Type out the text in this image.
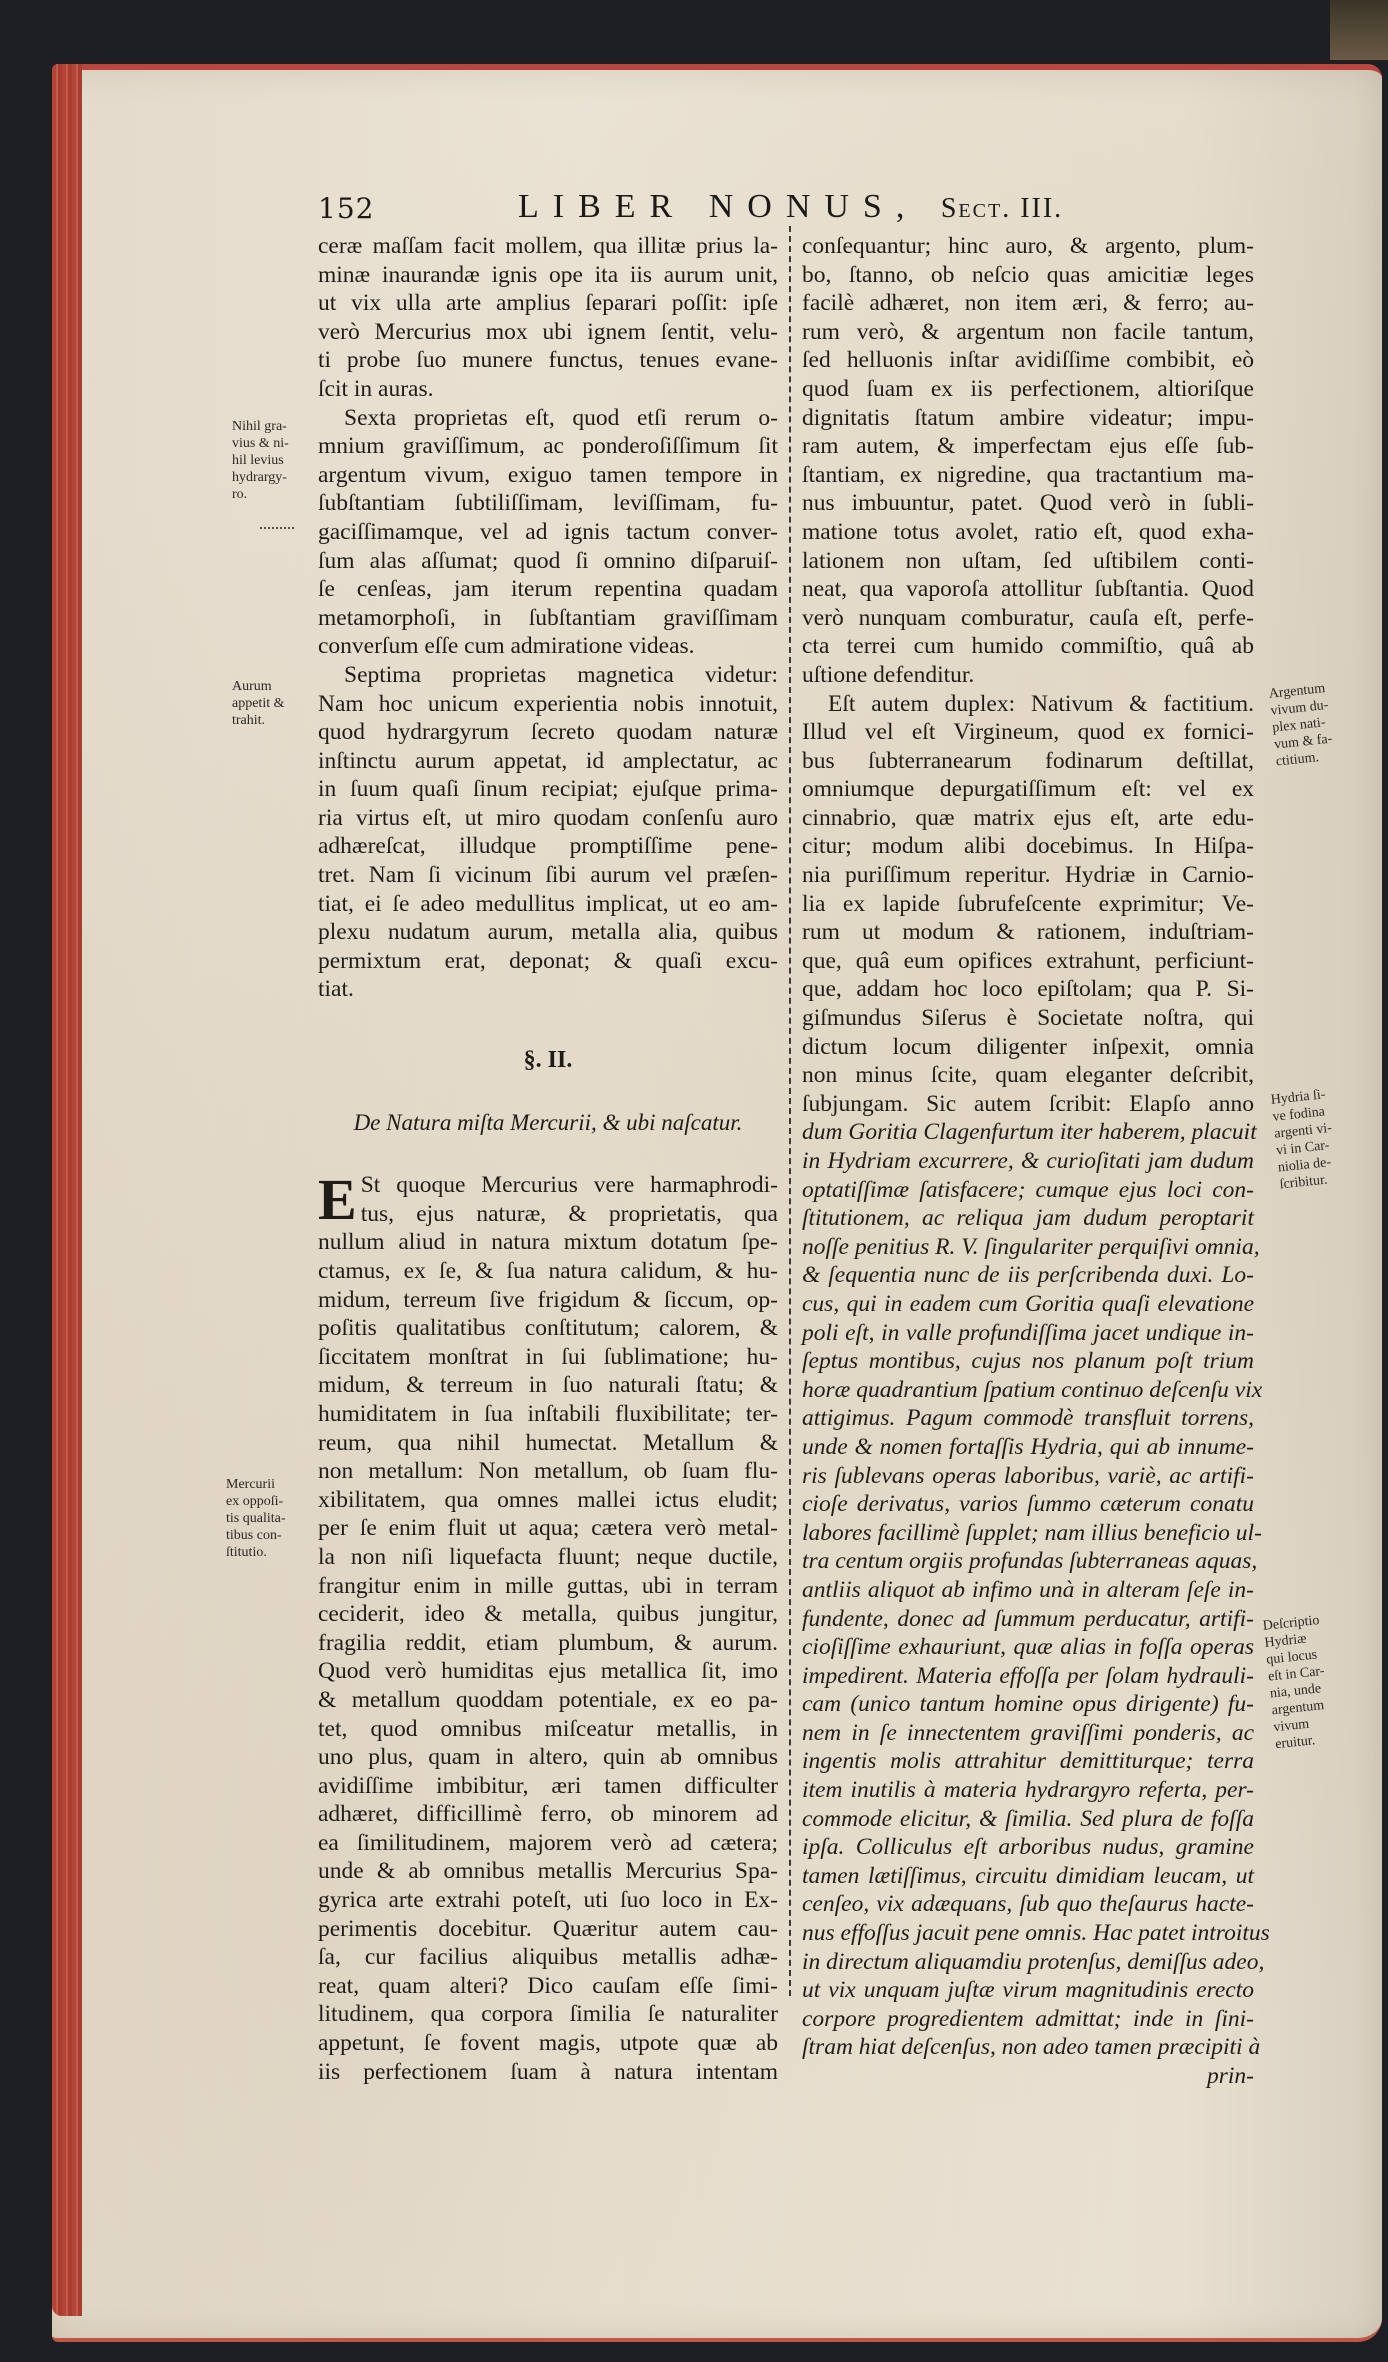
152	LIBER NONUS, Sect. III.
ceræ maſſam facit mollem, qua illitæ prius la-
minæ inaurandæ ignis ope ita iis aurum unit,
ut vix ulla arte amplius ſeparari poſſit: ipſe
verò Mercurius mox ubi ignem ſentit, velu-
ti probe ſuo munere functus, tenues evane-
ſcit in auras.
Sexta proprietas eſt, quod etſi rerum o-
mnium graviſſimum, ac ponderoſiſſimum ſit
argentum vivum, exiguo tamen tempore in
ſubſtantiam ſubtiliſſimam, leviſſimam, fu-
gaciſſimamque, vel ad ignis tactum conver-
ſum alas aſſumat; quod ſi omnino diſparuiſ-
ſe cenſeas, jam iterum repentina quadam
metamorphoſi, in ſubſtantiam graviſſimam
converſum eſſe cum admiratione videas.
Septima proprietas magnetica videtur:
Nam hoc unicum experientia nobis innotuit,
quod hydrargyrum ſecreto quodam naturæ
inſtinctu aurum appetat, id amplectatur, ac
in ſuum quaſi ſinum recipiat; ejuſque prima-
ria virtus eſt, ut miro quodam conſenſu auro
adhæreſcat, illudque promptiſſime pene-
tret. Nam ſi vicinum ſibi aurum vel præſen-
tiat, ei ſe adeo medullitus implicat, ut eo am-
plexu nudatum aurum, metalla alia, quibus
permixtum erat, deponat; & quaſi excu-
tiat.
§. II.
De Natura miſta Mercurii, & ubi naſcatur.
E St quoque Mercurius vere harmaphrodi-
tus, ejus naturæ, & proprietatis, qua
nullum aliud in natura mixtum dotatum ſpe-
ctamus, ex ſe, & ſua natura calidum, & hu-
midum, terreum ſive frigidum & ſiccum, op-
poſitis qualitatibus conſtitutum; calorem, &
ſiccitatem monſtrat in ſui ſublimatione; hu-
midum, & terreum in ſuo naturali ſtatu; &
humiditatem in ſua inſtabili fluxibilitate; ter-
reum, qua nihil humectat. Metallum &
non metallum: Non metallum, ob ſuam flu-
xibilitatem, qua omnes mallei ictus eludit;
per ſe enim fluit ut aqua; cætera verò metal-
la non niſi liquefacta fluunt; neque ductile,
frangitur enim in mille guttas, ubi in terram
ceciderit, ideo & metalla, quibus jungitur,
fragilia reddit, etiam plumbum, & aurum.
Quod verò humiditas ejus metallica ſit, imo
& metallum quoddam potentiale, ex eo pa-
tet, quod omnibus miſceatur metallis, in
uno plus, quam in altero, quin ab omnibus
avidiſſime imbibitur, æri tamen difficulter
adhæret, difficillimè ferro, ob minorem ad
ea ſimilitudinem, majorem verò ad cætera;
unde & ab omnibus metallis Mercurius Spa-
gyrica arte extrahi poteſt, uti ſuo loco in Ex-
perimentis docebitur. Quæritur autem cau-
ſa, cur facilius aliquibus metallis adhæ-
reat, quam alteri? Dico cauſam eſſe ſimi-
litudinem, qua corpora ſimilia ſe naturaliter
appetunt, ſe fovent magis, utpote quæ ab
iis perfectionem ſuam à natura intentam
conſequantur; hinc auro, & argento, plum-
bo, ſtanno, ob neſcio quas amicitiæ leges
facilè adhæret, non item æri, & ferro; au-
rum verò, & argentum non facile tantum,
ſed helluonis inſtar avidiſſime combibit, eò
quod ſuam ex iis perfectionem, altioriſque
dignitatis ſtatum ambire videatur; impu-
ram autem, & imperfectam ejus eſſe ſub-
ſtantiam, ex nigredine, qua tractantium ma-
nus imbuuntur, patet. Quod verò in ſubli-
matione totus avolet, ratio eſt, quod exha-
lationem non uſtam, ſed uſtibilem conti-
neat, qua vaporoſa attollitur ſubſtantia. Quod
verò nunquam comburatur, cauſa eſt, perfe-
cta terrei cum humido commiſtio, quâ ab
uſtione defenditur.
Eſt autem duplex: Nativum & factitium.
Illud vel eſt Virgineum, quod ex fornici-
bus ſubterranearum fodinarum deſtillat,
omniumque depurgatiſſimum eſt: vel ex
cinnabrio, quæ matrix ejus eſt, arte edu-
citur; modum alibi docebimus. In Hiſpa-
nia puriſſimum reperitur. Hydriæ in Carnio-
lia ex lapide ſubrufeſcente exprimitur; Ve-
rum ut modum & rationem, induſtriam-
que, quâ eum opifices extrahunt, perficiunt-
que, addam hoc loco epiſtolam; qua P. Si-
giſmundus Siſerus è Societate noſtra, qui
dictum locum diligenter inſpexit, omnia
non minus ſcite, quam eleganter deſcribit,
ſubjungam. Sic autem ſcribit: Elapſo anno
dum Goritia Clagenfurtum iter haberem, placuit
in Hydriam excurrere, & curioſitati jam dudum
optatiſſimæ ſatisfacere; cumque ejus loci con-
ſtitutionem, ac reliqua jam dudum peroptarit
noſſe penitius R. V. ſingulariter perquiſivi omnia,
& ſequentia nunc de iis perſcribenda duxi. Lo-
cus, qui in eadem cum Goritia quaſi elevatione
poli eſt, in valle profundiſſima jacet undique in-
ſeptus montibus, cujus nos planum poſt trium
horæ quadrantium ſpatium continuo deſcenſu vix
attigimus. Pagum commodè transfluit torrens,
unde & nomen fortaſſis Hydria, qui ab innume-
ris ſublevans operas laboribus, variè, ac artifi-
cioſe derivatus, varios ſummo cæterum conatu
labores facillimè ſupplet; nam illius beneficio ul-
tra centum orgiis profundas ſubterraneas aquas,
antliis aliquot ab infimo unà in alteram ſeſe in-
fundente, donec ad ſummum perducatur, artifi-
cioſiſſime exhauriunt, quæ alias in foſſa operas
impedirent. Materia effoſſa per ſolam hydrauli-
cam (unico tantum homine opus dirigente) fu-
nem in ſe innectentem graviſſimi ponderis, ac
ingentis molis attrahitur demittiturque; terra
item inutilis à materia hydrargyro referta, per-
commode elicitur, & ſimilia. Sed plura de foſſa
ipſa. Colliculus eſt arboribus nudus, gramine
tamen lætiſſimus, circuitu dimidiam leucam, ut
cenſeo, vix adæquans, ſub quo theſaurus hacte-
nus effoſſus jacuit pene omnis. Hac patet introitus
in directum aliquamdiu protenſus, demiſſus adeo,
ut vix unquam juſtæ virum magnitudinis erecto
corpore progredientem admittat; inde in ſini-
ſtram hiat deſcenſus, non adeo tamen præcipiti à
prin-
Nihil gra-
vius & ni-
hil levius
hydrargy-
ro.
Aurum
appetit &
trahit.
Mercurii
ex oppoſi-
tis qualita-
tibus con-
ſtitutio.
Argentum
vivum du-
plex nati-
vum & fa-
ctitium.
Hydria ſi-
ve fodina
argenti vi-
vi in Car-
niolia de-
ſcribitur.
Deſcriptio
Hydriæ
qui locus
eſt in Car-
nia, unde
argentum
vivum
eruitur.
